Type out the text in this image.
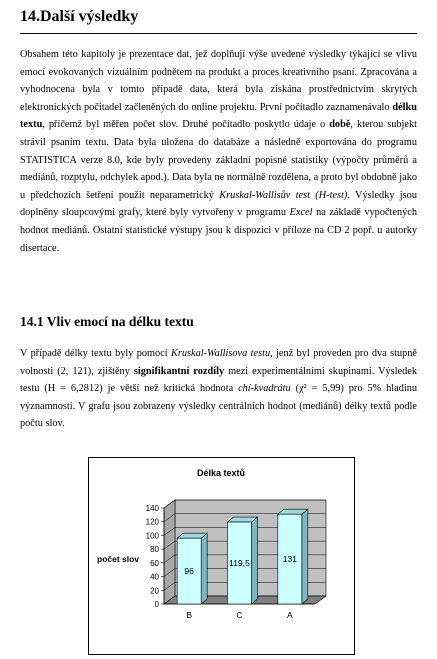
14.Další výsledky

Obsahem této kapitoly je prezentace dat, jež doplňují výše uvedené výsledky týkající se vlivu emocí evokovaných vizuálním podnětem na produkt a proces kreativního psaní. Zpracována a vyhodnocena byla v tomto případě data, která byla získána prostřednictvím skrytých elektronických počitadel začleněných do online projektu. První počítadlo zaznamenávalo délku textu, přičemž byl měřen počet slov. Druhé počítadlo poskytlo údaje o době, kterou subjekt strávil psaním textu. Data byla uložena do databáze a následně exportována do programu STATISTICA verze 8.0, kde byly provedeny základní popisné statistiky (výpočty průměrů a mediánů, rozptylu, odchylek apod.). Data byla ne normálně rozdělena, a proto byl obdobně jako u předchozích šetření použit neparametrický Kruskal-Wallisův test (H-test). Výsledky jsou doplněny sloupcovými grafy, které byly vytvořeny v programu Excel na základě vypočtených hodnot mediánů. Ostatní statistické výstupy jsou k dispozici v příloze na CD 2 popř. u autorky disertace.

14.1 Vliv emocí na délku textu

V případě délky textu byly pomocí Kruskal-Wallisova testu, jenž byl proveden pro dva stupně volnosti (2, 121), zjištěny signifikantní rozdíly mezi experimentálními skupinami. Výsledek testu (H = 6,2812) je větší než kritická hodnota chí-kvadrátu (χ² = 5,99) pro 5% hladinu významnosti. V grafu jsou zobrazeny výsledky centrálních hodnot (mediánů) délky textů podle počtu slov.

Délka textů
0
20
40
60
80
100
120
140
počet slov
96
B
119,5
C
131
A
